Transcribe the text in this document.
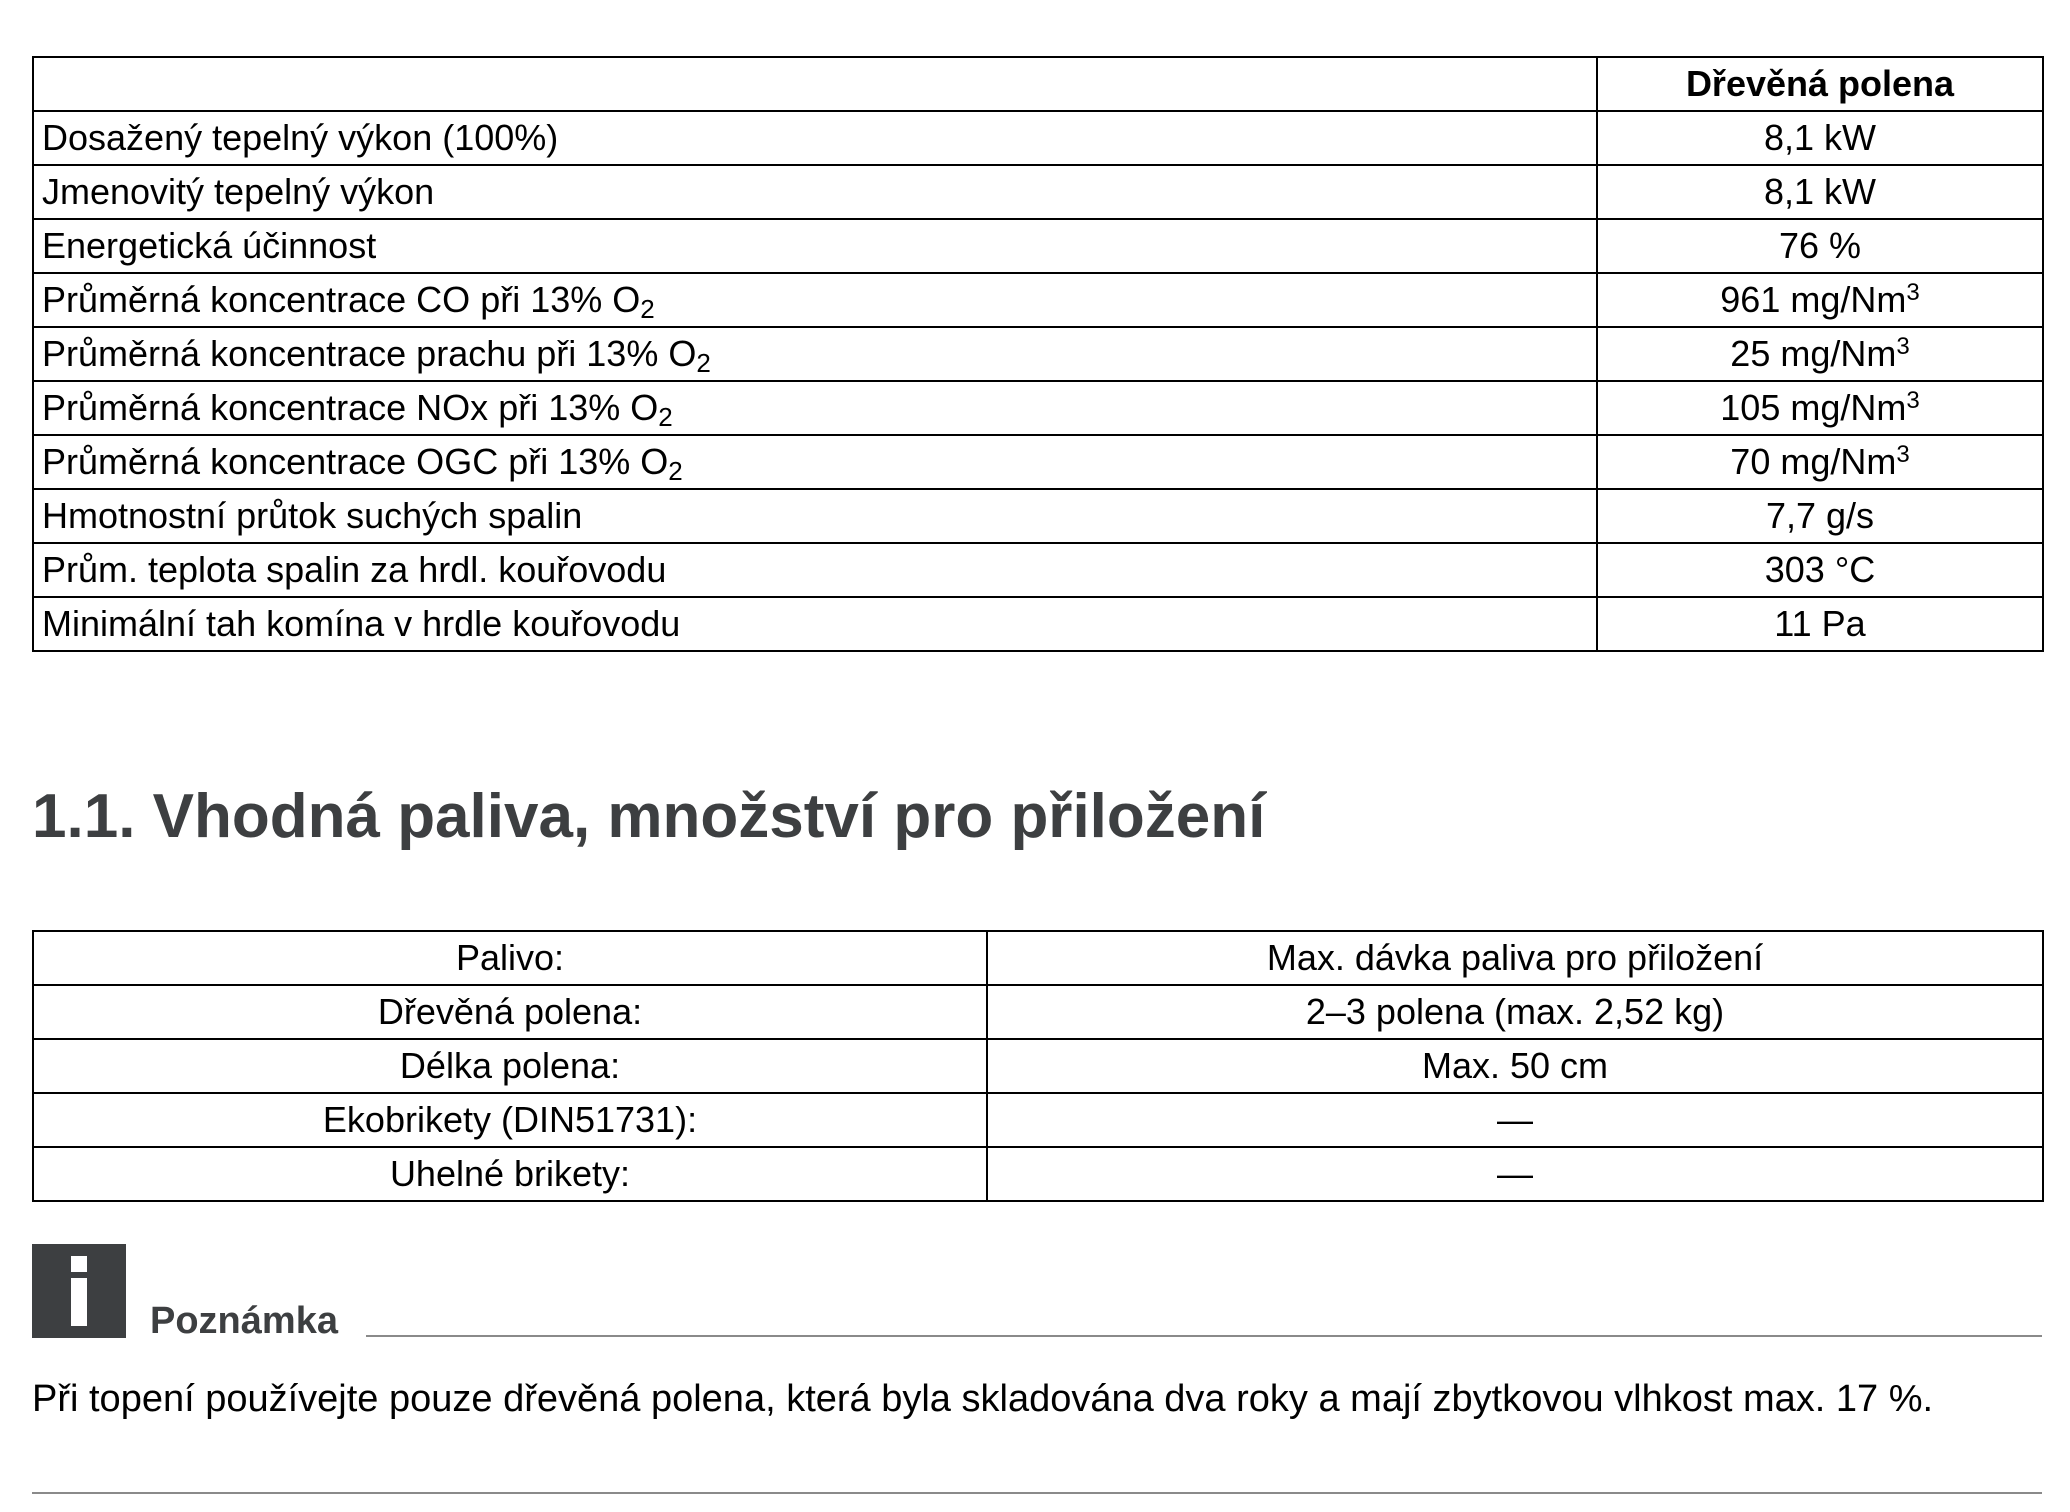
	Dřevěná polena
Dosažený tepelný výkon (100%)	8,1 kW
Jmenovitý tepelný výkon	8,1 kW
Energetická účinnost	76 %
Průměrná koncentrace CO při 13% $O_2$	961 mg/Nm$^3$
Průměrná koncentrace prachu při 13% $O_2$	25 mg/Nm$^3$
Průměrná koncentrace NOx při 13% $O_2$	105 mg/Nm$^3$
Průměrná koncentrace OGC při 13% $O_2$	70 mg/Nm$^3$
Hmotnostní průtok suchých spalin	7,7 g/s
Prům. teplota spalin za hrdl. kouřovodu	303 °C
Minimální tah komína v hrdle kouřovodu	11 Pa
1.1. Vhodná paliva, množství pro přiložení
Palivo:	Max. dávka paliva pro přiložení
Dřevěná polena:	2–3 polena (max. 2,52 kg)
Délka polena:	Max. 50 cm
Ekobrikety (DIN51731):	—
Uhelné brikety:	—
Poznámka

Při topení používejte pouze dřevěná polena, která byla skladována dva roky a mají zbytkovou vlhkost max. 17 %.
